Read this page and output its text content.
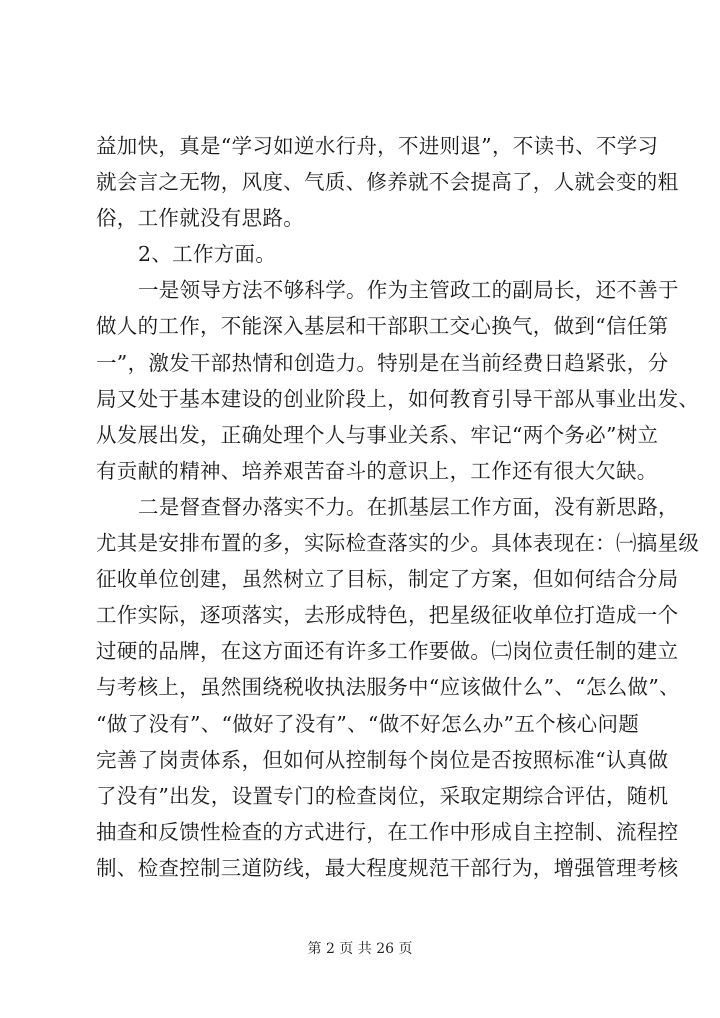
益加快，真是“学习如逆水行舟，不进则退”，不读书、不学习
就会言之无物，风度、气质、修养就不会提高了，人就会变的粗
俗，工作就没有思路。
2、工作方面。
一是领导方法不够科学。作为主管政工的副局长，还不善于
做人的工作，不能深入基层和干部职工交心换气，做到“信任第
一”，激发干部热情和创造力。特别是在当前经费日趋紧张，分
局又处于基本建设的创业阶段上，如何教育引导干部从事业出发、
从发展出发，正确处理个人与事业关系、牢记“两个务必”树立
有贡献的精神、培养艰苦奋斗的意识上，工作还有很大欠缺。
二是督查督办落实不力。在抓基层工作方面，没有新思路，
尤其是安排布置的多，实际检查落实的少。具体表现在：㈠搞星级
征收单位创建，虽然树立了目标，制定了方案，但如何结合分局
工作实际，逐项落实，去形成特色，把星级征收单位打造成一个
过硬的品牌，在这方面还有许多工作要做。㈡岗位责任制的建立
与考核上，虽然围绕税收执法服务中“应该做什么”、“怎么做”、
“做了没有”、“做好了没有”、“做不好怎么办”五个核心问题
完善了岗责体系，但如何从控制每个岗位是否按照标准“认真做
了没有”出发，设置专门的检查岗位，采取定期综合评估，随机
抽查和反馈性检查的方式进行，在工作中形成自主控制、流程控
制、检查控制三道防线，最大程度规范干部行为，增强管理考核
第 2 页 共 26 页
